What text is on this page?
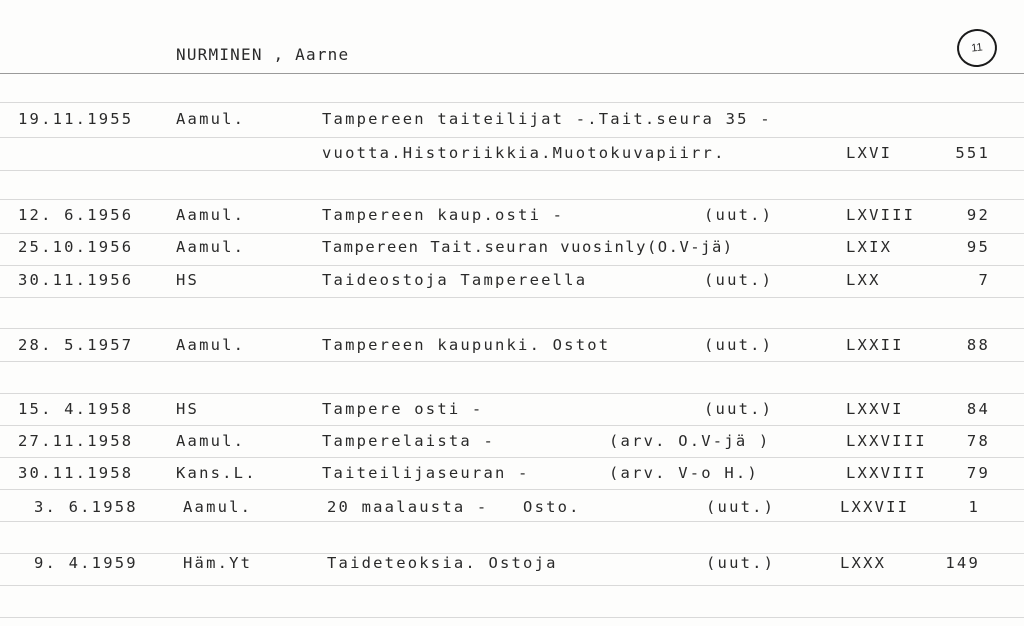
NURMINEN , Aarne	11
19.11.1955	Aamul.	Tampereen taiteilijat -.Tait.seura 35 -
vuotta.Historiikkia.Muotokuvapiirr.	LXVI	551
12. 6.1956	Aamul.	Tampereen kaup.osti -	(uut.)	LXVIII	92
25.10.1956	Aamul.	Tampereen Tait.seuran vuosinly(O.V-jä)	LXIX	95
30.11.1956	HS	Taideostoja Tampereella	(uut.)	LXX	7
28. 5.1957	Aamul.	Tampereen kaupunki. Ostot	(uut.)	LXXII	88
15. 4.1958	HS	Tampere osti -	(uut.)	LXXVI	84
27.11.1958	Aamul.	Tamperelaista -	(arv. O.V-jä )	LXXVIII	78
30.11.1958	Kans.L.	Taiteilijaseuran -	(arv. V-o H.)	LXXVIII	79
3. 6.1958	Aamul.	20 maalausta -   Osto.	(uut.)	LXXVII	1
9. 4.1959	Häm.Yt	Taideteoksia. Ostoja	(uut.)	LXXX	149
